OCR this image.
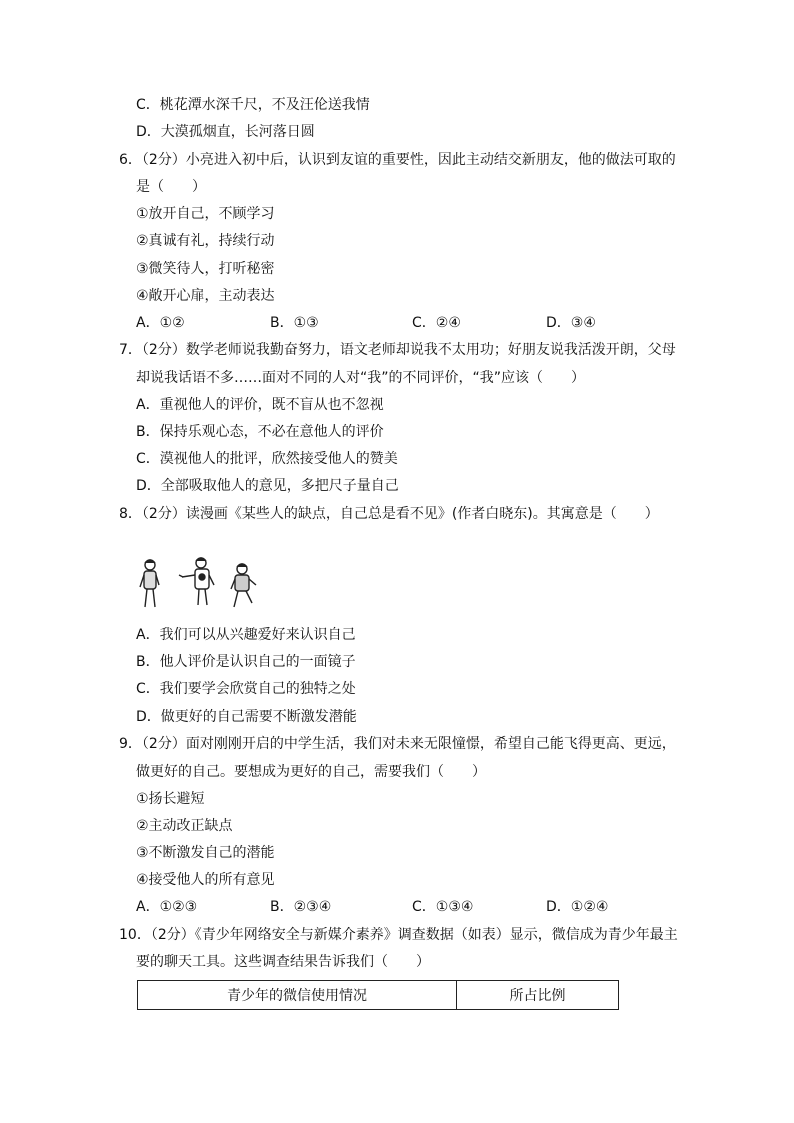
C．桃花潭水深千尺，不及汪伦送我情
D．大漠孤烟直，长河落日圆
6．（2分）小亮进入初中后，认识到友谊的重要性，因此主动结交新朋友，他的做法可取的
是（　　）
①放开自己，不顾学习
②真诚有礼，持续行动
③微笑待人，打听秘密
④敞开心扉，主动表达
A．①②	B．①③	C．②④	D．③④
7．（2分）数学老师说我勤奋努力，语文老师却说我不太用功；好朋友说我活泼开朗，父母
却说我话语不多……面对不同的人对“我”的不同评价，“我”应该（　　）
A．重视他人的评价，既不盲从也不忽视
B．保持乐观心态，不必在意他人的评价
C．漠视他人的批评，欣然接受他人的赞美
D．全部吸取他人的意见，多把尺子量自己
8．（2分）读漫画《某些人的缺点，自己总是看不见》(作者白晓东)。其寓意是（　　）
A．我们可以从兴趣爱好来认识自己
B．他人评价是认识自己的一面镜子
C．我们要学会欣赏自己的独特之处
D．做更好的自己需要不断激发潜能
9．（2分）面对刚刚开启的中学生活，我们对未来无限憧憬，希望自己能飞得更高、更远，
做更好的自己。要想成为更好的自己，需要我们（　　）
①扬长避短
②主动改正缺点
③不断激发自己的潜能
④接受他人的所有意见
A．①②③	B．②③④	C．①③④	D．①②④
10．（2分）《青少年网络安全与新媒介素养》调查数据（如表）显示，微信成为青少年最主
要的聊天工具。这些调查结果告诉我们（　　）
青少年的微信使用情况	所占比例
